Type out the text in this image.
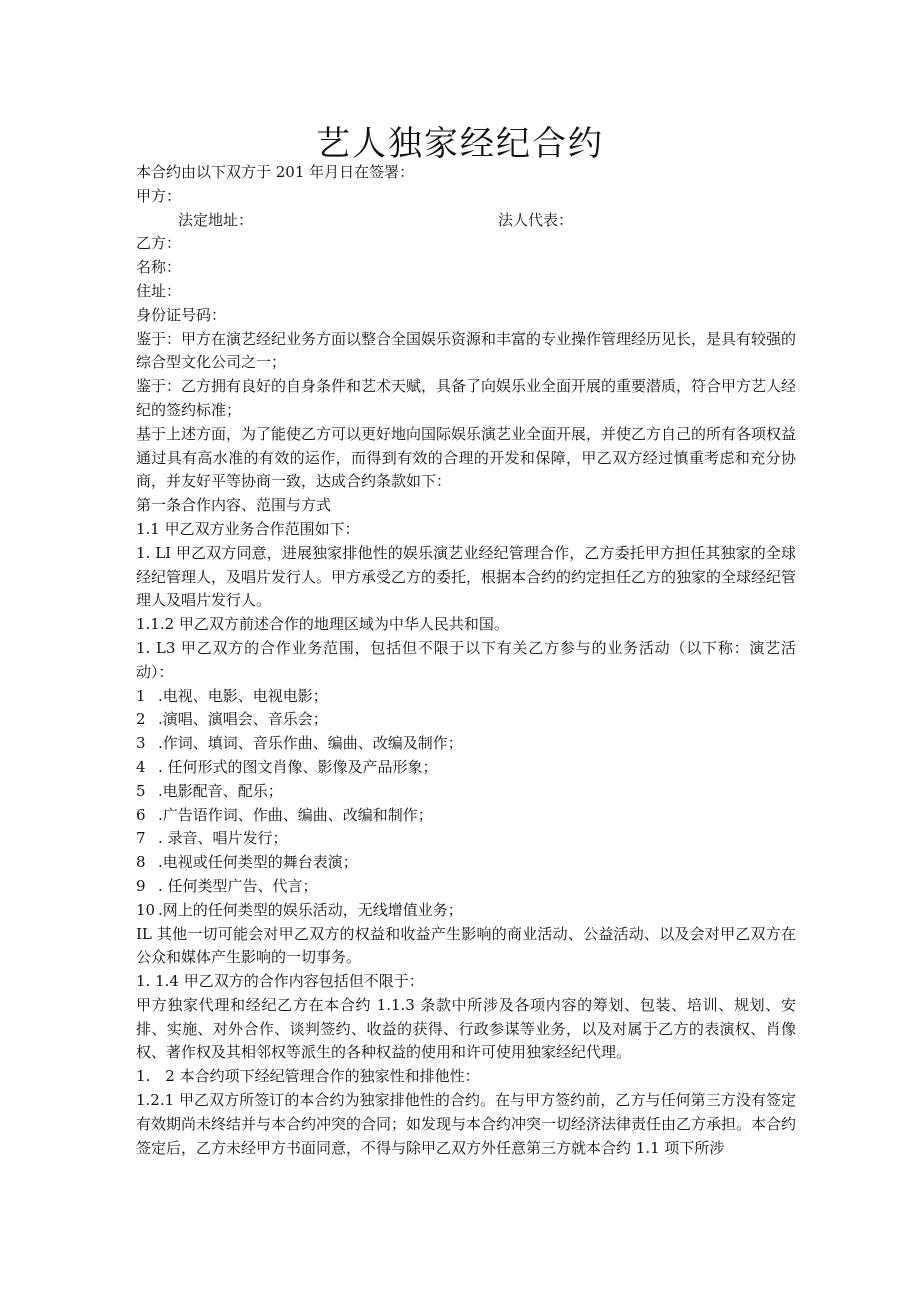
艺人独家经纪合约

本合约由以下双方于 201 年月日在签署：

甲方：

法定地址：	法人代表：

乙方：

名称：

住址：

身份证号码：

鉴于：甲方在演艺经纪业务方面以整合全国娱乐资源和丰富的专业操作管理经历见长，是具有较强的综合型文化公司之一；

鉴于：乙方拥有良好的自身条件和艺术天赋，具备了向娱乐业全面开展的重要潜质，符合甲方艺人经纪的签约标准；

基于上述方面，为了能使乙方可以更好地向国际娱乐演艺业全面开展，并使乙方自己的所有各项权益通过具有高水准的有效的运作，而得到有效的合理的开发和保障，甲乙双方经过慎重考虑和充分协商，并友好平等协商一致，达成合约条款如下：

第一条合作内容、范围与方式

1.1 甲乙双方业务合作范围如下：

1. LI 甲乙双方同意，进展独家排他性的娱乐演艺业经纪管理合作，乙方委托甲方担任其独家的全球经纪管理人，及唱片发行人。甲方承受乙方的委托，根据本合约的约定担任乙方的独家的全球经纪管理人及唱片发行人。

1.1.2 甲乙双方前述合作的地理区域为中华人民共和国。

1. L3 甲乙双方的合作业务范围，包括但不限于以下有关乙方参与的业务活动（以下称：演艺活动）：

1 .电视、电影、电视电影；

2 .演唱、演唱会、音乐会；

3 .作词、填词、音乐作曲、编曲、改编及制作；

4 . 任何形式的图文肖像、影像及产品形象；

5 .电影配音、配乐；

6 .广告语作词、作曲、编曲、改编和制作；

7 . 录音、唱片发行；

8 .电视或任何类型的舞台表演；

9 . 任何类型广告、代言；

10 .网上的任何类型的娱乐活动，无线增值业务；

IL 其他一切可能会对甲乙双方的权益和收益产生影响的商业活动、公益活动、以及会对甲乙双方在公众和媒体产生影响的一切事务。

1. 1.4 甲乙双方的合作内容包括但不限于：

甲方独家代理和经纪乙方在本合约 1.1.3 条款中所涉及各项内容的筹划、包装、培训、规划、安排、实施、对外合作、谈判签约、收益的获得、行政参谋等业务，以及对属于乙方的表演权、肖像权、著作权及其相邻权等派生的各种权益的使用和许可使用独家经纪代理。

1.　2 本合约项下经纪管理合作的独家性和排他性：

1.2.1 甲乙双方所签订的本合约为独家排他性的合约。在与甲方签约前，乙方与任何第三方没有签定有效期尚未终结并与本合约冲突的合同；如发现与本合约冲突一切经济法律责任由乙方承担。本合约签定后，乙方未经甲方书面同意，不得与除甲乙双方外任意第三方就本合约 1.1 项下所涉
